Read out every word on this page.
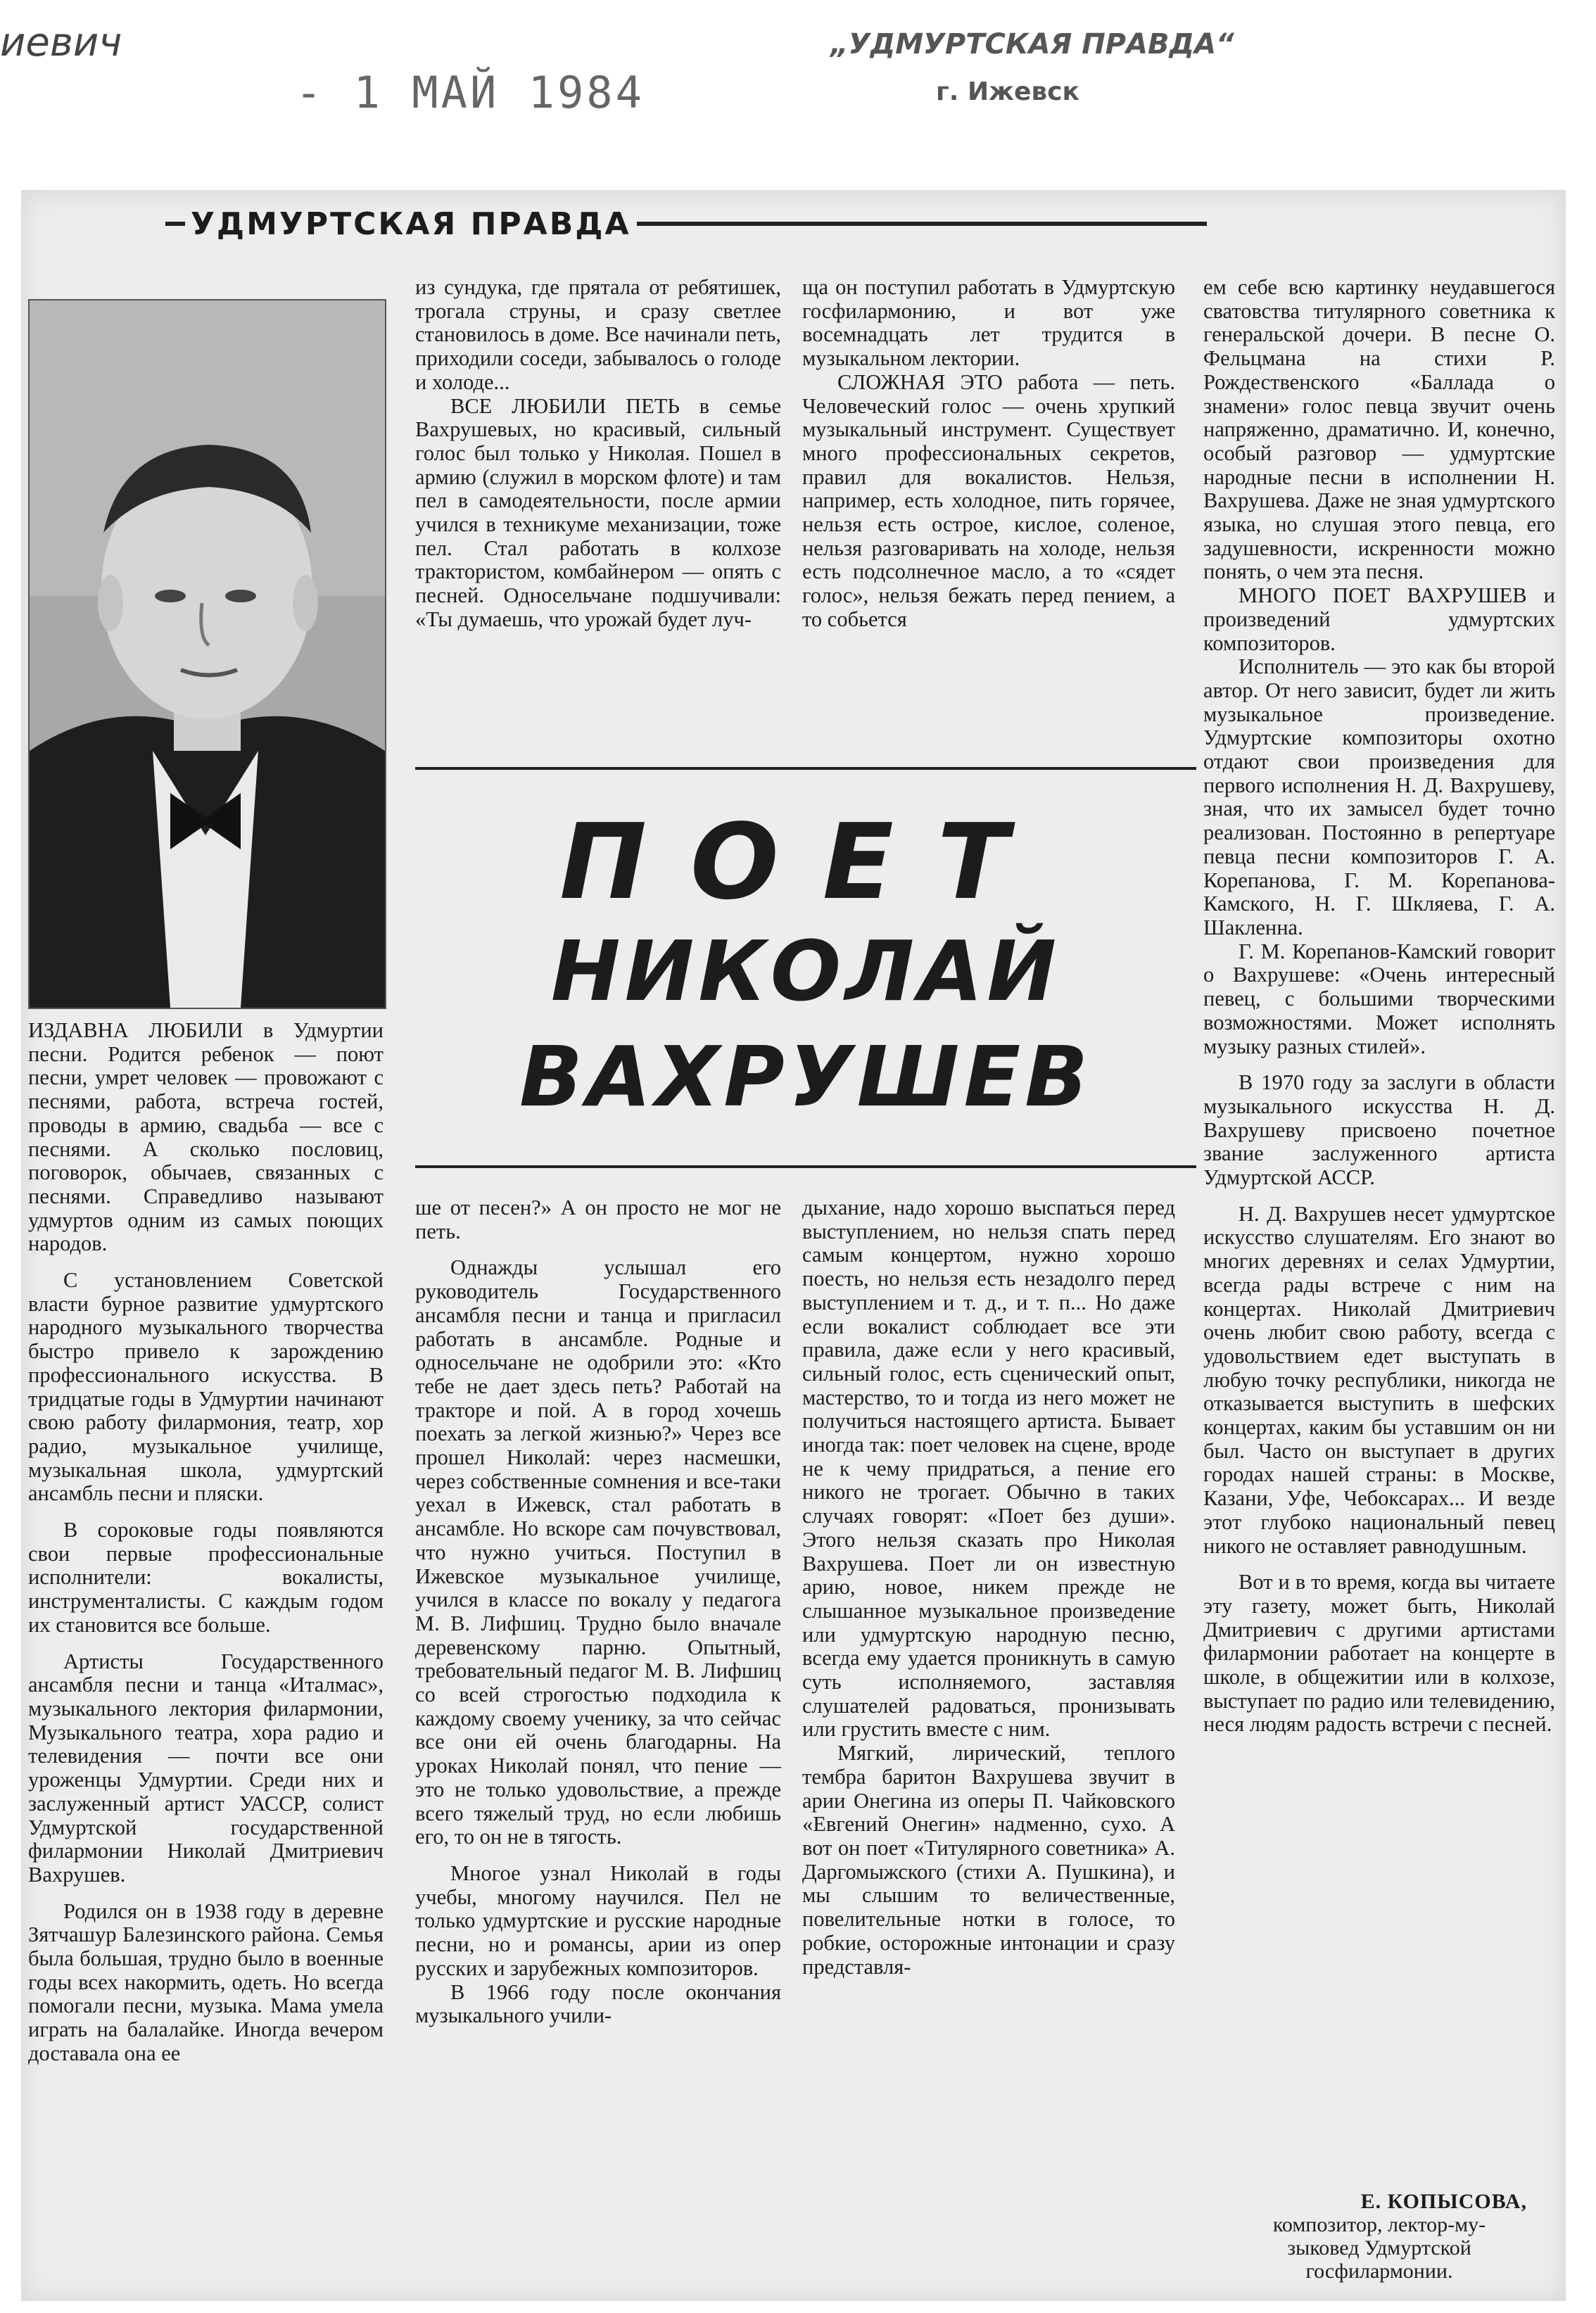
иевич
- 1 МАЙ 1984
„УДМУРТСКАЯ ПРАВДА“
г. Ижевск
УДМУРТСКАЯ ПРАВДА

ИЗДАВНА ЛЮБИЛИ в Удмуртии песни. Родится ребенок — поют песни, умрет человек — провожают с песнями, работа, встреча гостей, проводы в армию, свадьба — все с песнями. А сколько пословиц, поговорок, обычаев, связанных с песнями. Справедливо называют удмуртов одним из самых поющих народов.

С установлением Советской власти бурное развитие удмуртского народного музыкального творчества быстро привело к зарождению профессионального искусства. В тридцатые годы в Удмуртии начинают свою работу филармония, театр, хор радио, музыкальное училище, музыкальная школа, удмуртский ансамбль песни и пляски.

В сороковые годы появляются свои первые профессиональные исполнители: вокалисты, инструменталисты. С каждым годом их становится все больше.

Артисты Государственного ансамбля песни и танца «Италмас», музыкального лектория филармонии, Музыкального театра, хора радио и телевидения — почти все они уроженцы Удмуртии. Среди них и заслуженный артист УАССР, солист Удмуртской государственной филармонии Николай Дмитриевич Вахрушев.

Родился он в 1938 году в деревне Зятчашур Балезинского района. Семья была большая, трудно было в военные годы всех накормить, одеть. Но всегда помогали песни, музыка. Мама умела играть на балалайке. Иногда вечером доставала она ее

из сундука, где прятала от ребятишек, трогала струны, и сразу светлее становилось в доме. Все начинали петь, приходили соседи, забывалось о голоде и холоде...

ВСЕ ЛЮБИЛИ ПЕТЬ в семье Вахрушевых, но красивый, сильный голос был только у Николая. Пошел в армию (служил в морском флоте) и там пел в самодеятельности, после армии учился в техникуме механизации, тоже пел. Стал работать в колхозе трактористом, комбайнером — опять с песней. Односельчане подшучивали: «Ты думаешь, что урожай будет луч-

ща он поступил работать в Удмуртскую госфилармонию, и вот уже восемнадцать лет трудится в музыкальном лектории.

СЛОЖНАЯ ЭТО работа — петь. Человеческий голос — очень хрупкий музыкальный инструмент. Существует много профессиональных секретов, правил для вокалистов. Нельзя, например, есть холодное, пить горячее, нельзя есть острое, кислое, соленое, нельзя разговаривать на холоде, нельзя есть подсолнечное масло, а то «сядет голос», нельзя бежать перед пением, а то собьется

ПОЕТ
НИКОЛАЙ
ВАХРУШЕВ

ше от песен?» А он просто не мог не петь.

Однажды услышал его руководитель Государственного ансамбля песни и танца и пригласил работать в ансамбле. Родные и односельчане не одобрили это: «Кто тебе не дает здесь петь? Работай на тракторе и пой. А в город хочешь поехать за легкой жизнью?» Через все прошел Николай: через насмешки, через собственные сомнения и все-таки уехал в Ижевск, стал работать в ансамбле. Но вскоре сам почувствовал, что нужно учиться. Поступил в Ижевское музыкальное училище, учился в классе по вокалу у педагога М. В. Лифшиц. Трудно было вначале деревенскому парню. Опытный, требовательный педагог М. В. Лифшиц со всей строгостью подходила к каждому своему ученику, за что сейчас все они ей очень благодарны. На уроках Николай понял, что пение — это не только удовольствие, а прежде всего тяжелый труд, но если любишь его, то он не в тягость.

Многое узнал Николай в годы учебы, многому научился. Пел не только удмуртские и русские народные песни, но и романсы, арии из опер русских и зарубежных композиторов.

В 1966 году после окончания музыкального учили-

дыхание, надо хорошо выспаться перед выступлением, но нельзя спать перед самым концертом, нужно хорошо поесть, но нельзя есть незадолго перед выступлением и т. д., и т. п... Но даже если вокалист соблюдает все эти правила, даже если у него красивый, сильный голос, есть сценический опыт, мастерство, то и тогда из него может не получиться настоящего артиста. Бывает иногда так: поет человек на сцене, вроде не к чему придраться, а пение его никого не трогает. Обычно в таких случаях говорят: «Поет без души». Этого нельзя сказать про Николая Вахрушева. Поет ли он известную арию, новое, никем прежде не слышанное музыкальное произведение или удмуртскую народную песню, всегда ему удается проникнуть в самую суть исполняемого, заставляя слушателей радоваться, пронизывать или грустить вместе с ним.

Мягкий, лирический, теплого тембра баритон Вахрушева звучит в арии Онегина из оперы П. Чайковского «Евгений Онегин» надменно, сухо. А вот он поет «Титулярного советника» А. Даргомыжского (стихи А. Пушкина), и мы слышим то величественные, повелительные нотки в голосе, то робкие, осторожные интонации и сразу представля-

ем себе всю картинку неудавшегося сватовства титулярного советника к генеральской дочери. В песне О. Фельцмана на стихи Р. Рождественского «Баллада о знамени» голос певца звучит очень напряженно, драматично. И, конечно, особый разговор — удмуртские народные песни в исполнении Н. Вахрушева. Даже не зная удмуртского языка, но слушая этого певца, его задушевности, искренности можно понять, о чем эта песня.

МНОГО ПОЕТ ВАХРУШЕВ и произведений удмуртских композиторов.

Исполнитель — это как бы второй автор. От него зависит, будет ли жить музыкальное произведение. Удмуртские композиторы охотно отдают свои произведения для первого исполнения Н. Д. Вахрушеву, зная, что их замысел будет точно реализован. Постоянно в репертуаре певца песни композиторов Г. А. Корепанова, Г. М. Корепанова-Камского, Н. Г. Шкляева, Г. А. Шакленна.

Г. М. Корепанов-Камский говорит о Вахрушеве: «Очень интересный певец, с большими творческими возможностями. Может исполнять музыку разных стилей».

В 1970 году за заслуги в области музыкального искусства Н. Д. Вахрушеву присвоено почетное звание заслуженного артиста Удмуртской АССР.

Н. Д. Вахрушев несет удмуртское искусство слушателям. Его знают во многих деревнях и селах Удмуртии, всегда рады встрече с ним на концертах. Николай Дмитриевич очень любит свою работу, всегда с удовольствием едет выступать в любую точку республики, никогда не отказывается выступить в шефских концертах, каким бы уставшим он ни был. Часто он выступает в других городах нашей страны: в Москве, Казани, Уфе, Чебоксарах... И везде этот глубоко национальный певец никого не оставляет равнодушным.

Вот и в то время, когда вы читаете эту газету, может быть, Николай Дмитриевич с другими артистами филармонии работает на концерте в школе, в общежитии или в колхозе, выступает по радио или телевидению, неся людям радость встречи с песней.

Е. КОПЫСОВА,
композитор, лектор-му-
зыковед Удмуртской
госфилармонии.
